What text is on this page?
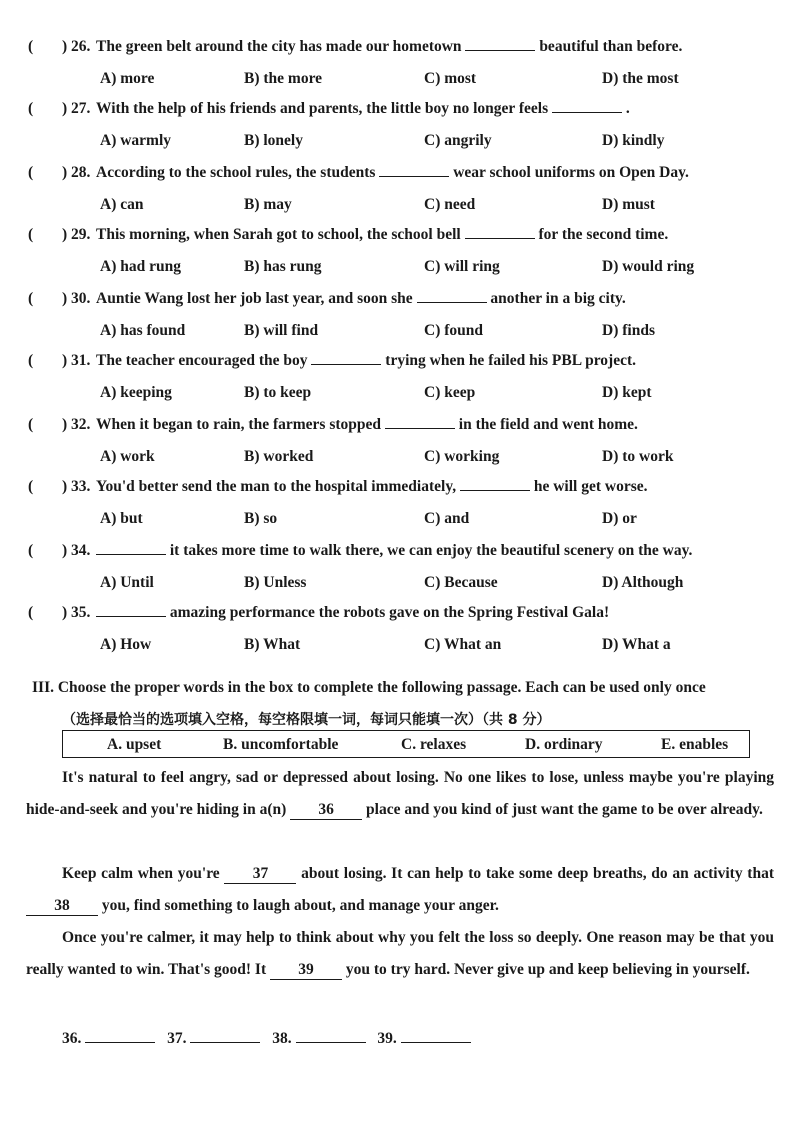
( ) 26. The green belt around the city has made our hometown	beautiful than before.
A) more	B) the more	C) most	D) the most
( ) 27. With the help of his friends and parents, the little boy no longer feels	.
A) warmly	B) lonely	C) angrily	D) kindly
( ) 28. According to the school rules, the students	wear school uniforms on Open Day.
A) can	B) may	C) need	D) must
( ) 29. This morning, when Sarah got to school, the school bell	for the second time.
A) had rung	B) has rung	C) will ring	D) would ring
( ) 30. Auntie Wang lost her job last year, and soon she	another in a big city.
A) has found	B) will find	C) found	D) finds
( ) 31. The teacher encouraged the boy	trying when he failed his PBL project.
A) keeping	B) to keep	C) keep	D) kept
( ) 32. When it began to rain, the farmers stopped	in the field and went home.
A) work	B) worked	C) working	D) to work
( ) 33. You'd better send the man to the hospital immediately,	he will get worse.
A) but	B) so	C) and	D) or
( ) 34.	it takes more time to walk there, we can enjoy the beautiful scenery on the way.
A) Until	B) Unless	C) Because	D) Although
( ) 35.	amazing performance the robots gave on the Spring Festival Gala!
A) How	B) What	C) What an	D) What a
III. Choose the proper words in the box to complete the following passage. Each can be used only once
（选择最恰当的选项填入空格，每空格限填一词，每词只能填一次）（共 8 分）
A. upset	B. uncomfortable	C. relaxes	D. ordinary	E. enables
It's natural to feel angry, sad or depressed about losing. No one likes to lose, unless maybe you're playing hide-and-seek and you're hiding in a(n) 36 place and you kind of just want the game to be over already.
Keep calm when you're 37 about losing. It can help to take some deep breaths, do an activity that 38 you, find something to laugh about, and manage your anger.
Once you're calmer, it may help to think about why you felt the loss so deeply. One reason may be that you really wanted to win. That's good! It 39 you to try hard. Never give up and keep believing in yourself.
36.	37.	38.	39.
